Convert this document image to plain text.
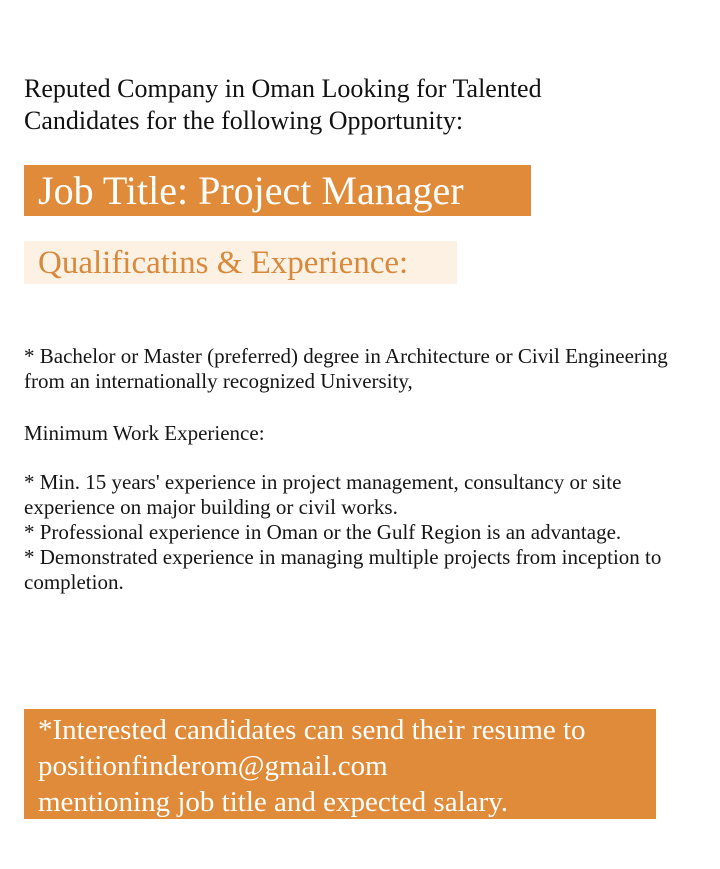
Reputed Company in Oman Looking for Talented
Candidates for the following Opportunity:
Job Title: Project Manager
Qualificatins & Experience:
* Bachelor or Master (preferred) degree in Architecture or Civil Engineering from an internationally recognized University,
Minimum Work Experience:

* Min. 15 years' experience in project management, consultancy or site experience on major building or civil works.

* Professional experience in Oman or the Gulf Region is an advantage.

* Demonstrated experience in managing multiple projects from inception to completion.

*Interested candidates can send their resume to
positionfinderom@gmail.com
mentioning job title and expected salary.
